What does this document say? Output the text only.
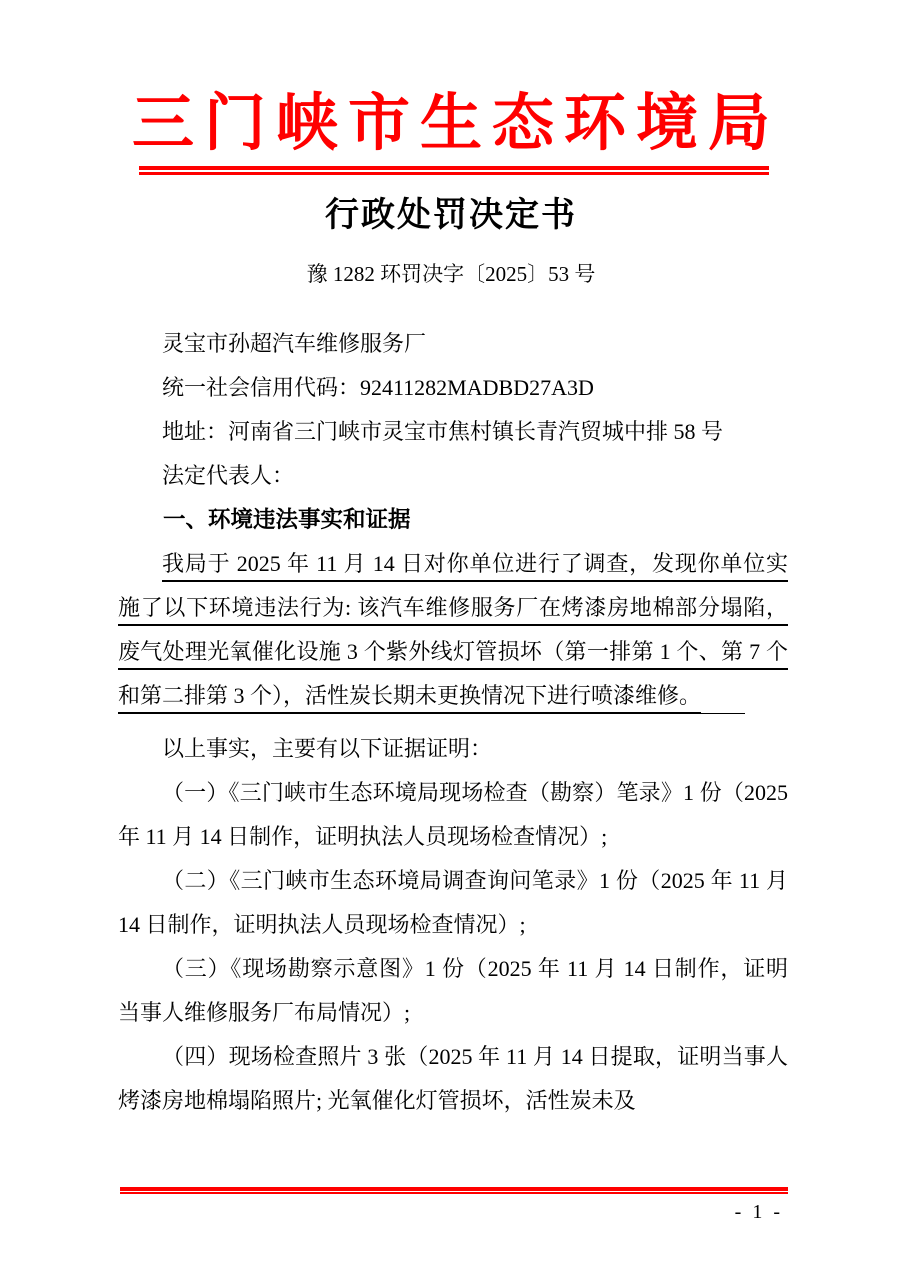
三门峡市生态环境局
行政处罚决定书
豫 1282 环罚决字〔2025〕53 号

灵宝市孙超汽车维修服务厂

统一社会信用代码：92411282MADBD27A3D

地址：河南省三门峡市灵宝市焦村镇长青汽贸城中排 58 号

法定代表人：

一、环境违法事实和证据

我局于 2025 年 11 月 14 日对你单位进行了调查，发现你单位实施了以下环境违法行为: 该汽车维修服务厂在烤漆房地棉部分塌陷，废气处理光氧催化设施 3 个紫外线灯管损坏（第一排第 1 个、第 7 个和第二排第 3 个），活性炭长期未更换情况下进行喷漆维修。

以上事实，主要有以下证据证明：

（一）《三门峡市生态环境局现场检查（勘察）笔录》1 份（2025 年 11 月 14 日制作，证明执法人员现场检查情况）;

（二）《三门峡市生态环境局调查询问笔录》1 份（2025 年 11 月 14 日制作，证明执法人员现场检查情况）;

（三）《现场勘察示意图》1 份（2025 年 11 月 14 日制作，证明当事人维修服务厂布局情况）;

（四）现场检查照片 3 张（2025 年 11 月 14 日提取，证明当事人烤漆房地棉塌陷照片; 光氧催化灯管损坏，活性炭未及

- 1 -
